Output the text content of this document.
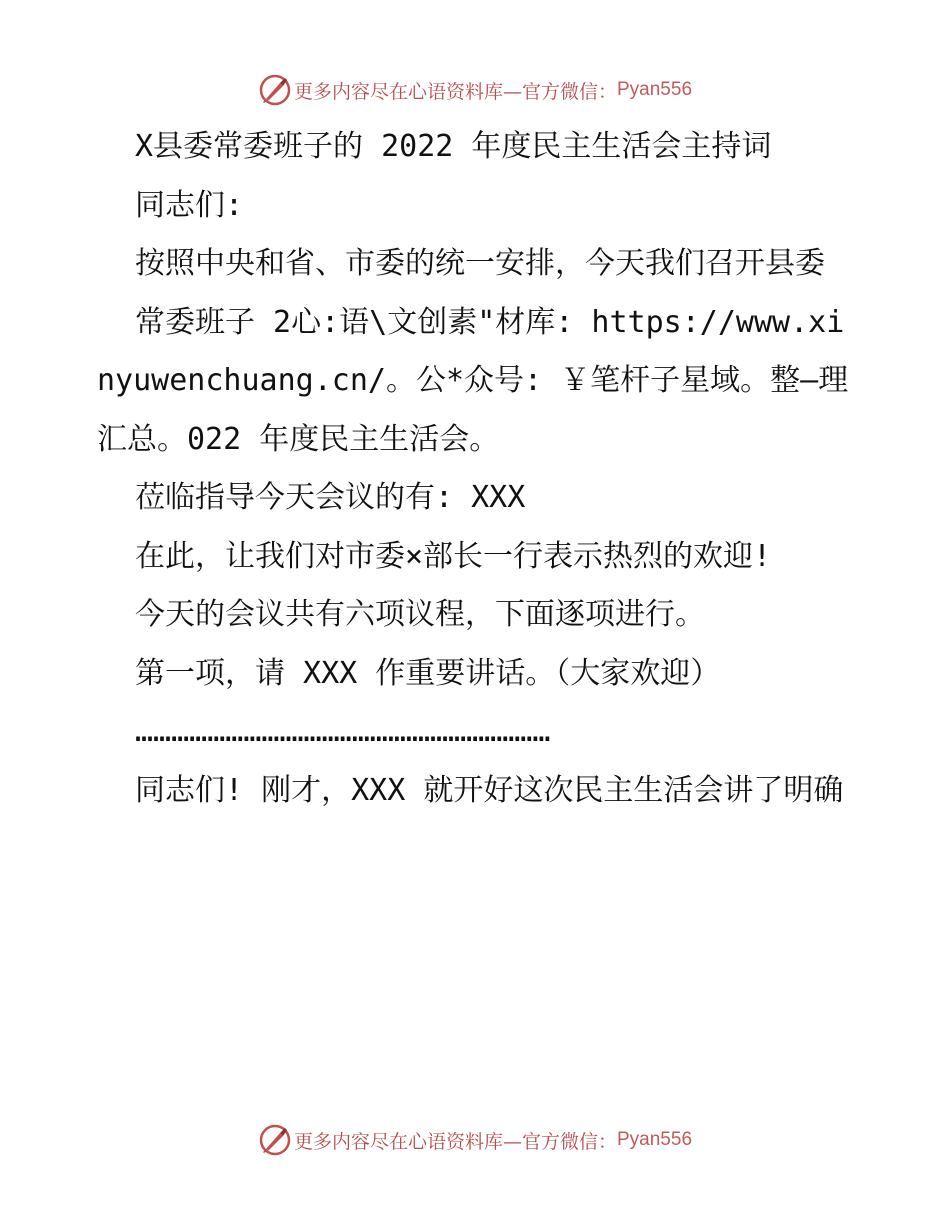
更多内容尽在心语资料库—官方微信： Pyan556

X县委常委班子的 2022 年度民主生活会主持词

同志们:

按照中央和省、市委的统一安排，今天我们召开县委

常委班子 2心:语\文创素"材库: https://www.xinyuwenchuang.cn/。公*众号: ￥笔杆子星域。整—理汇总。022 年度民主生活会。

莅临指导今天会议的有: XXX

在此，让我们对市委×部长一行表示热烈的欢迎!

今天的会议共有六项议程，下面逐项进行。

第一项，请 XXX 作重要讲话。（大家欢迎）

……………………………………………………………

同志们! 刚才，XXX 就开好这次民主生活会讲了明确

更多内容尽在心语资料库—官方微信： Pyan556
